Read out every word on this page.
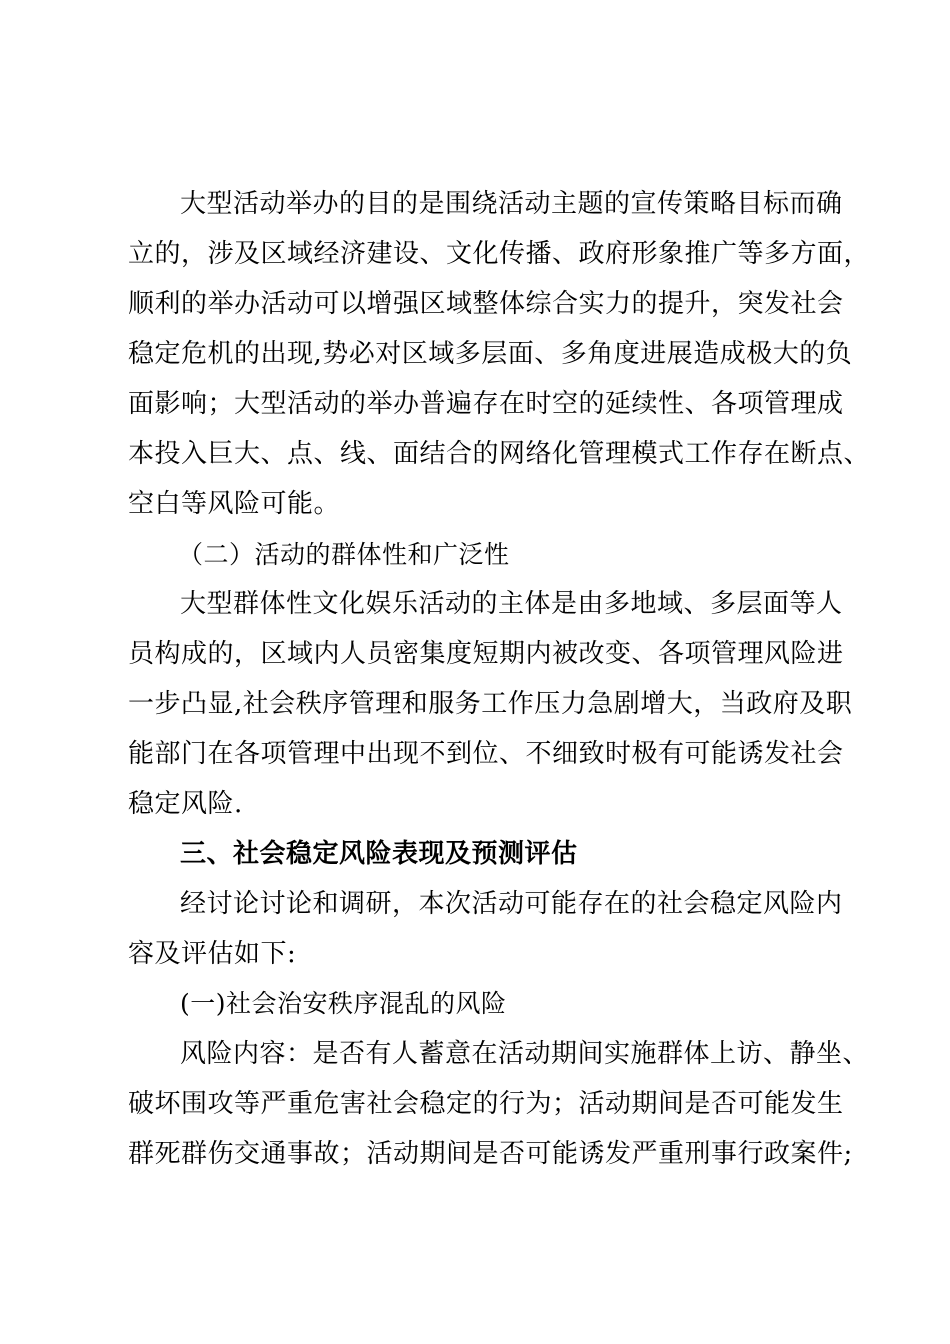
大型活动举办的目的是围绕活动主题的宣传策略目标而确
立的，涉及区域经济建设、文化传播、政府形象推广等多方面，
顺利的举办活动可以增强区域整体综合实力的提升，突发社会
稳定危机的出现,势必对区域多层面、多角度进展造成极大的负
面影响；大型活动的举办普遍存在时空的延续性、各项管理成
本投入巨大、点、线、面结合的网络化管理模式工作存在断点、
空白等风险可能。
（二）活动的群体性和广泛性
大型群体性文化娱乐活动的主体是由多地域、多层面等人
员构成的，区域内人员密集度短期内被改变、各项管理风险进
一步凸显,社会秩序管理和服务工作压力急剧增大，当政府及职
能部门在各项管理中出现不到位、不细致时极有可能诱发社会
稳定风险.
三、社会稳定风险表现及预测评估
经讨论讨论和调研，本次活动可能存在的社会稳定风险内
容及评估如下:
(一)社会治安秩序混乱的风险
风险内容：是否有人蓄意在活动期间实施群体上访、静坐、
破坏围攻等严重危害社会稳定的行为；活动期间是否可能发生
群死群伤交通事故；活动期间是否可能诱发严重刑事行政案件;
